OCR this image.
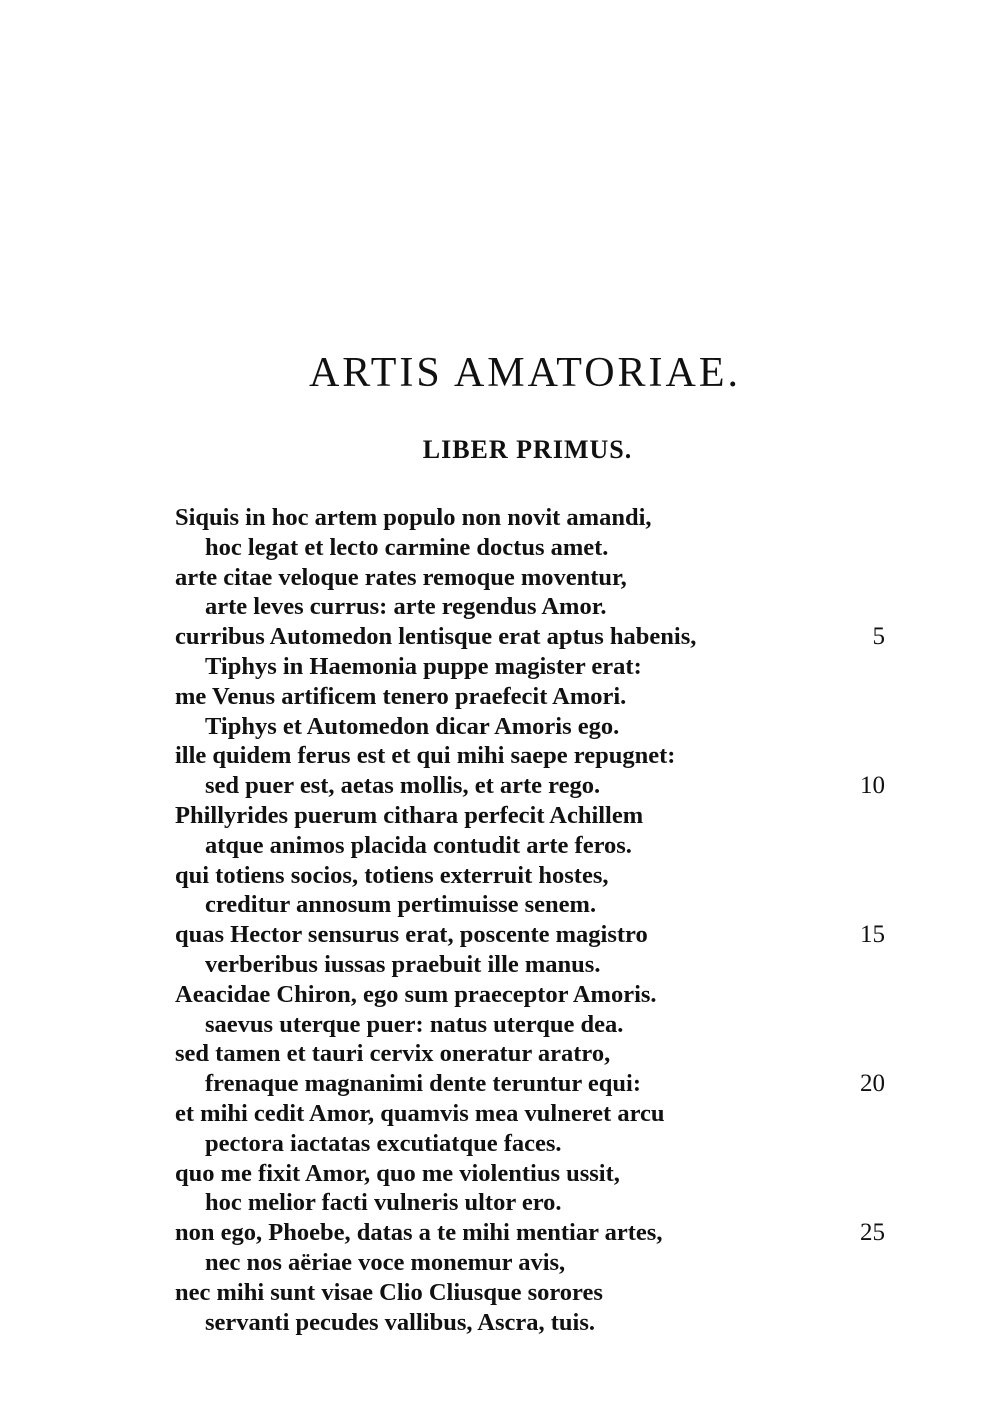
ARTIS AMATORIAE.
LIBER PRIMUS.
Siquis in hoc artem populo non novit amandi,
hoc legat et lecto carmine doctus amet.
arte citae veloque rates remoque moventur,
arte leves currus: arte regendus Amor.
curribus Automedon lentisque erat aptus habenis,	5
Tiphys in Haemonia puppe magister erat:
me Venus artificem tenero praefecit Amori.
Tiphys et Automedon dicar Amoris ego.
ille quidem ferus est et qui mihi saepe repugnet:
sed puer est, aetas mollis, et arte rego.	10
Phillyrides puerum cithara perfecit Achillem
atque animos placida contudit arte feros.
qui totiens socios, totiens exterruit hostes,
creditur annosum pertimuisse senem.
quas Hector sensurus erat, poscente magistro	15
verberibus iussas praebuit ille manus.
Aeacidae Chiron, ego sum praeceptor Amoris.
saevus uterque puer: natus uterque dea.
sed tamen et tauri cervix oneratur aratro,
frenaque magnanimi dente teruntur equi:	20
et mihi cedit Amor, quamvis mea vulneret arcu
pectora iactatas excutiatque faces.
quo me fixit Amor, quo me violentius ussit,
hoc melior facti vulneris ultor ero.
non ego, Phoebe, datas a te mihi mentiar artes,	25
nec nos aëriae voce monemur avis,
nec mihi sunt visae Clio Cliusque sorores
servanti pecudes vallibus, Ascra, tuis.
